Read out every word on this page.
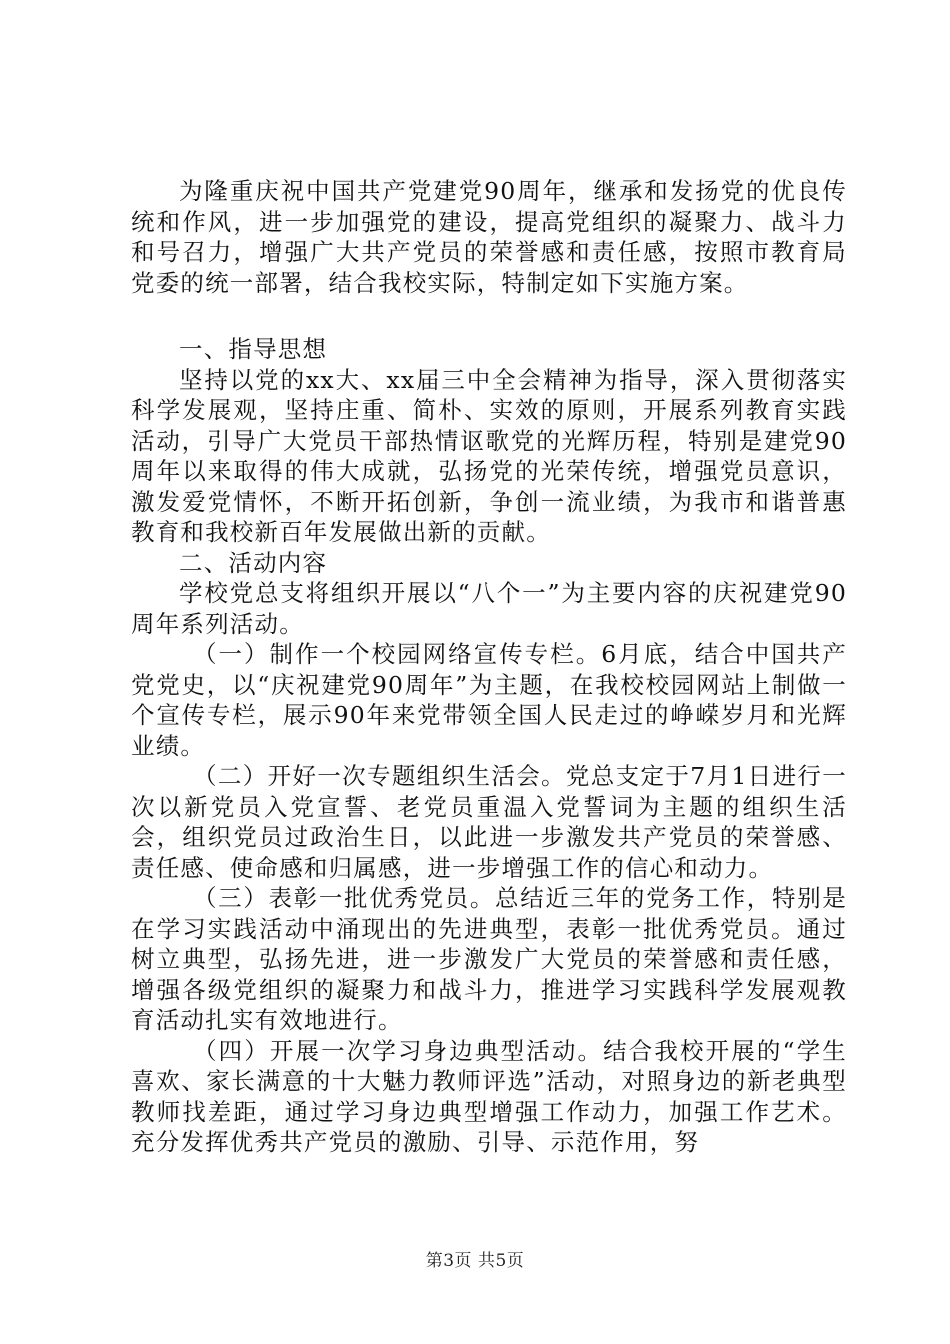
为隆重庆祝中国共产党建党90周年，继承和发扬党的优良传统和作风，进一步加强党的建设，提高党组织的凝聚力、战斗力和号召力，增强广大共产党员的荣誉感和责任感，按照市教育局党委的统一部署，结合我校实际，特制定如下实施方案。

一、指导思想

坚持以党的xx大、xx届三中全会精神为指导，深入贯彻落实科学发展观，坚持庄重、简朴、实效的原则，开展系列教育实践活动，引导广大党员干部热情讴歌党的光辉历程，特别是建党90周年以来取得的伟大成就，弘扬党的光荣传统，增强党员意识，激发爱党情怀，不断开拓创新，争创一流业绩，为我市和谐普惠教育和我校新百年发展做出新的贡献。

二、活动内容

学校党总支将组织开展以“八个一”为主要内容的庆祝建党90周年系列活动。

（一）制作一个校园网络宣传专栏。6月底，结合中国共产党党史，以“庆祝建党90周年”为主题，在我校校园网站上制做一个宣传专栏，展示90年来党带领全国人民走过的峥嵘岁月和光辉业绩。

（二）开好一次专题组织生活会。党总支定于7月1日进行一次以新党员入党宣誓、老党员重温入党誓词为主题的组织生活会，组织党员过政治生日，以此进一步激发共产党员的荣誉感、责任感、使命感和归属感，进一步增强工作的信心和动力。

（三）表彰一批优秀党员。总结近三年的党务工作，特别是在学习实践活动中涌现出的先进典型，表彰一批优秀党员。通过树立典型，弘扬先进，进一步激发广大党员的荣誉感和责任感，增强各级党组织的凝聚力和战斗力，推进学习实践科学发展观教育活动扎实有效地进行。

（四）开展一次学习身边典型活动。结合我校开展的“学生喜欢、家长满意的十大魅力教师评选”活动，对照身边的新老典型教师找差距，通过学习身边典型增强工作动力，加强工作艺术。充分发挥优秀共产党员的激励、引导、示范作用，努

第3页 共5页
